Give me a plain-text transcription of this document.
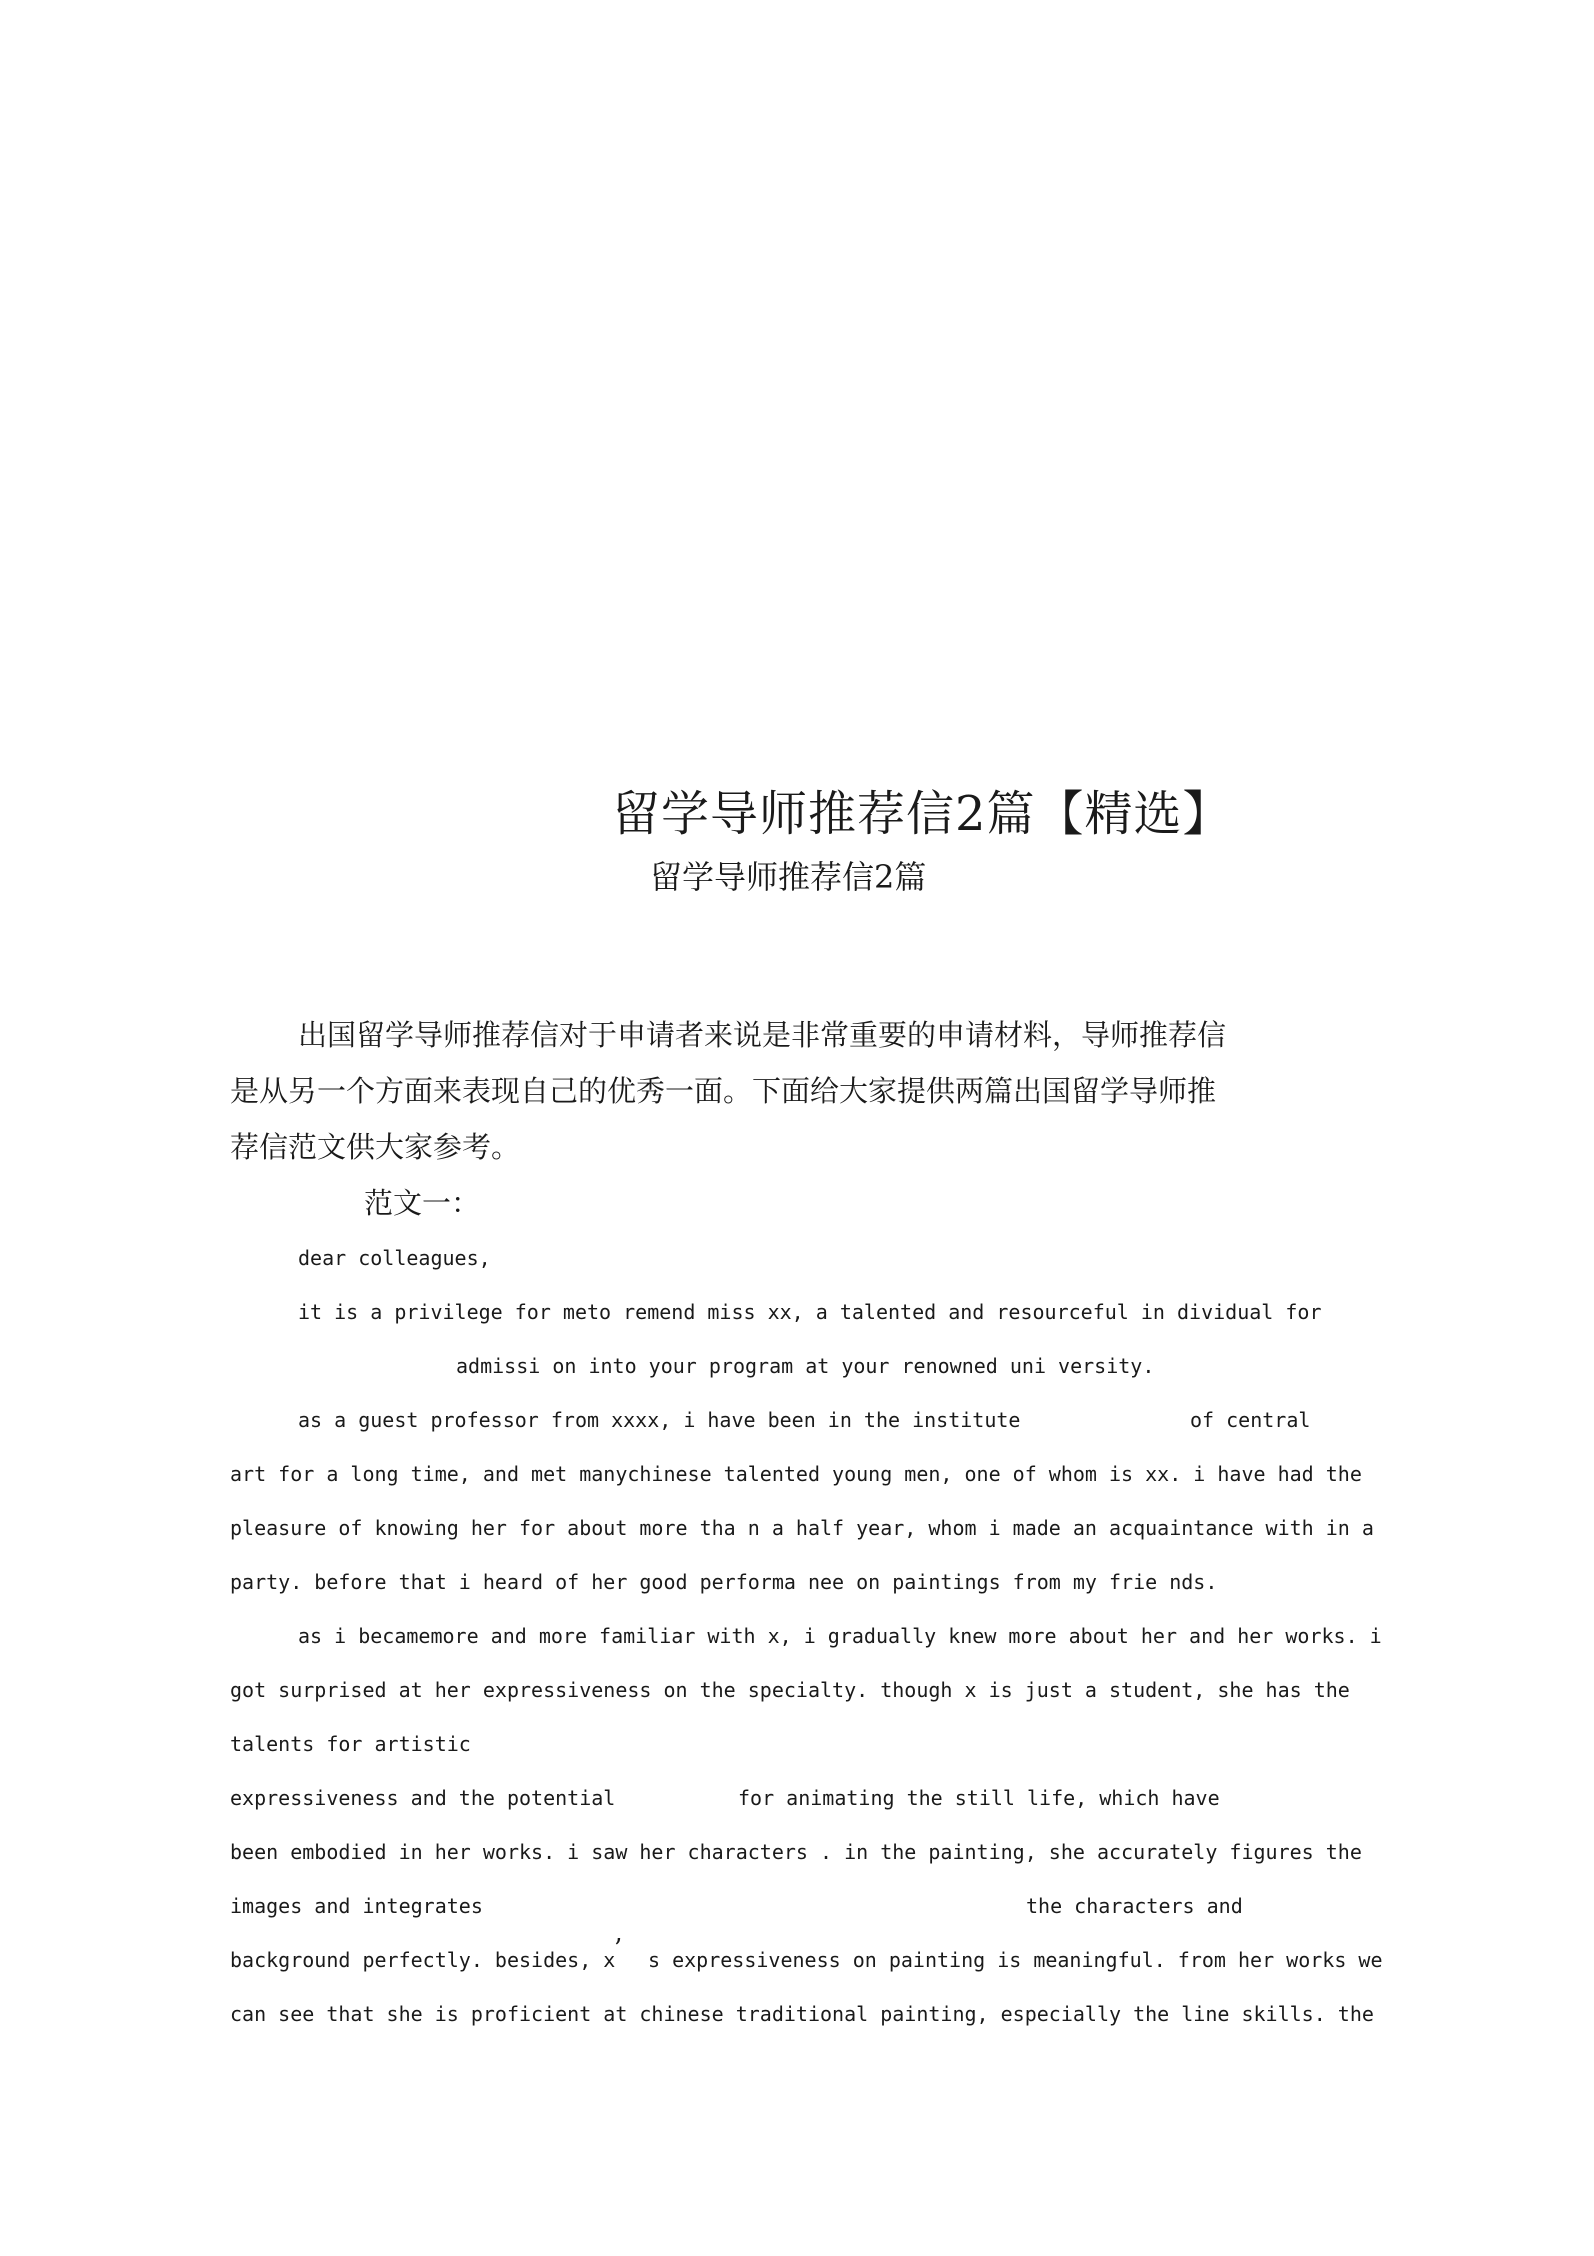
留学导师推荐信2篇【精选】
留学导师推荐信2篇
出国留学导师推荐信对于申请者来说是非常重要的申请材料，导师推荐信
是从另一个方面来表现自己的优秀一面。下面给大家提供两篇出国留学导师推
荐信范文供大家参考。
范文一：
dear colleagues,
it is a privilege for meto remend miss xx, a talented and resourceful in dividual for
admissi on into your program at your renowned uni versity.
as a guest professor from xxxx, i have been in the institute	of central
art for a long time, and met manychinese talented young men, one of whom is xx. i have had the
pleasure of knowing her for about more tha n a half year, whom i made an acquaintance with in a
party. before that i heard of her good performa nee on paintings from my frie nds.
as i becamemore and more familiar with x, i gradually knew more about her and her works. i
got surprised at her expressiveness on the specialty. though x is just a student, she has the
talents for artistic
expressiveness and the potential	for animating the still life, which have
been embodied in her works. i saw her characters . in the painting, she accurately figures the
images and integrates	the characters and
background perfectly. besides, x
’ s expressiveness on painting is meaningful. from her works we
can see that she is proficient at chinese traditional painting, especially the line skills. the
